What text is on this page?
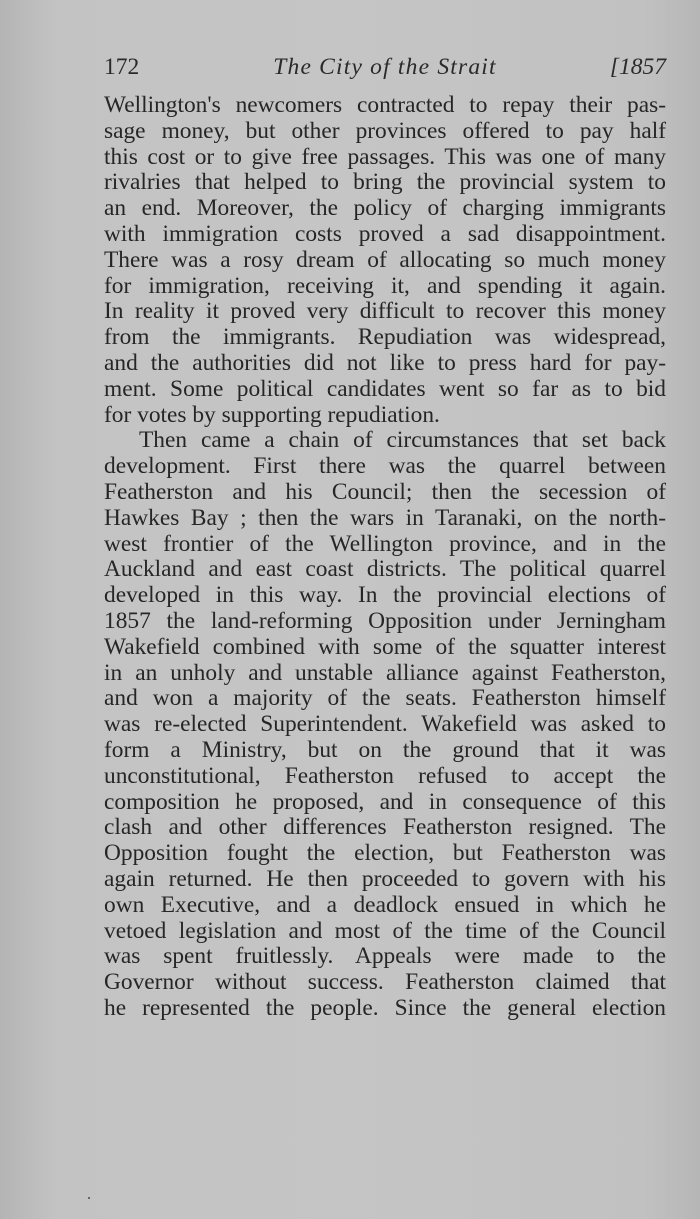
172	The City of the Strait	[1857
Wellington's newcomers contracted to repay their pas-
sage money, but other provinces offered to pay half
this cost or to give free passages. This was one of many
rivalries that helped to bring the provincial system to
an end. Moreover, the policy of charging immigrants
with immigration costs proved a sad disappointment.
There was a rosy dream of allocating so much money
for immigration, receiving it, and spending it again.
In reality it proved very difficult to recover this money
from the immigrants. Repudiation was widespread,
and the authorities did not like to press hard for pay-
ment. Some political candidates went so far as to bid
for votes by supporting repudiation.
Then came a chain of circumstances that set back
development. First there was the quarrel between
Featherston and his Council; then the secession of
Hawkes Bay ; then the wars in Taranaki, on the north-
west frontier of the Wellington province, and in the
Auckland and east coast districts. The political quarrel
developed in this way. In the provincial elections of
1857 the land-reforming Opposition under Jerningham
Wakefield combined with some of the squatter interest
in an unholy and unstable alliance against Featherston,
and won a majority of the seats. Featherston himself
was re-elected Superintendent. Wakefield was asked to
form a Ministry, but on the ground that it was
unconstitutional, Featherston refused to accept the
composition he proposed, and in consequence of this
clash and other differences Featherston resigned. The
Opposition fought the election, but Featherston was
again returned. He then proceeded to govern with his
own Executive, and a deadlock ensued in which he
vetoed legislation and most of the time of the Council
was spent fruitlessly. Appeals were made to the
Governor without success. Featherston claimed that
he represented the people. Since the general election
